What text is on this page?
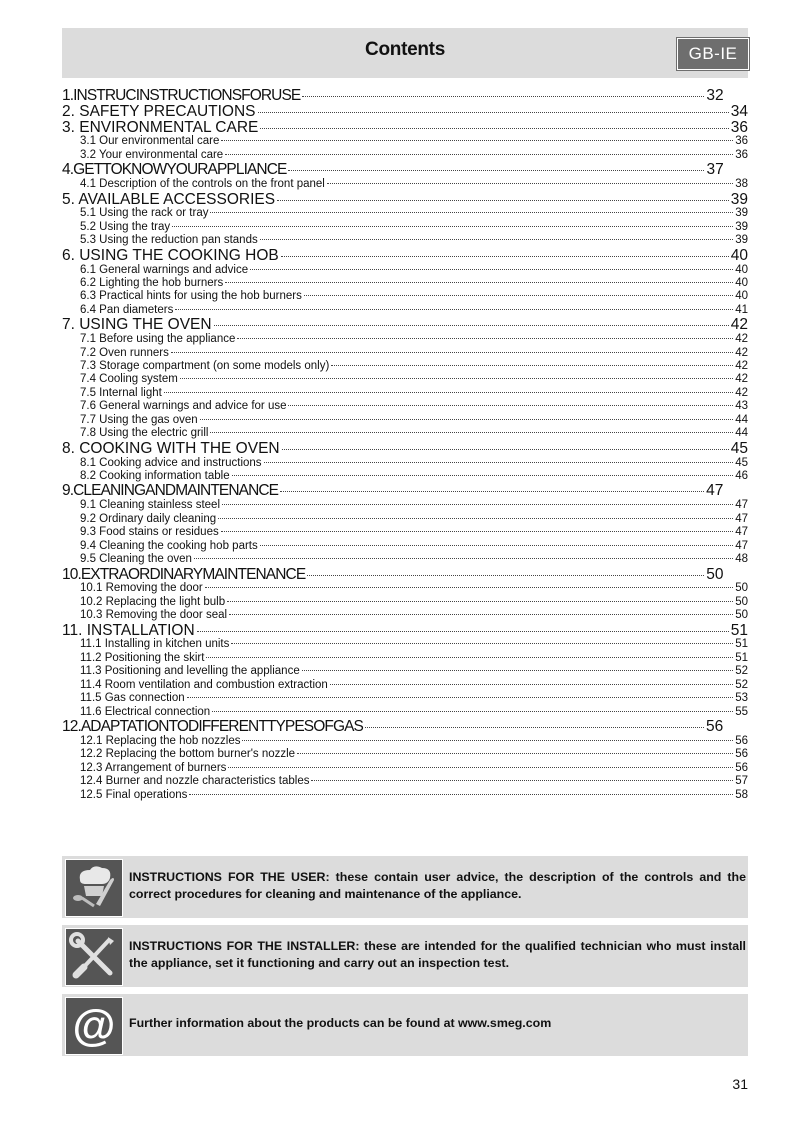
Contents	GB-IE
1.INSTRUCINSTRUCTIONSFORUSE	32
2. SAFETY PRECAUTIONS	34
3. ENVIRONMENTAL CARE	36
3.1 Our environmental care	36
3.2 Your environmental care	36
4.GETTOKNOWYOURAPPLIANCE	37
4.1 Description of the controls on the front panel	38
5. AVAILABLE ACCESSORIES	39
5.1 Using the rack or tray	39
5.2 Using the tray	39
5.3 Using the reduction pan stands	39
6. USING THE COOKING HOB	40
6.1 General warnings and advice	40
6.2 Lighting the hob burners	40
6.3 Practical hints for using the hob burners	40
6.4 Pan diameters	41
7. USING THE OVEN	42
7.1 Before using the appliance	42
7.2 Oven runners	42
7.3 Storage compartment (on some models only)	42
7.4 Cooling system	42
7.5 Internal light	42
7.6 General warnings and advice for use	43
7.7 Using the gas oven	44
7.8 Using the electric grill	44
8. COOKING WITH THE OVEN	45
8.1 Cooking advice and instructions	45
8.2 Cooking information table	46
9.CLEANINGANDMAINTENANCE	47
9.1 Cleaning stainless steel	47
9.2 Ordinary daily cleaning	47
9.3 Food stains or residues	47
9.4 Cleaning the cooking hob parts	47
9.5 Cleaning the oven	48
10.EXTRAORDINARYMAINTENANCE	50
10.1 Removing the door	50
10.2 Replacing the light bulb	50
10.3 Removing the door seal	50
11. INSTALLATION	51
11.1 Installing in kitchen units	51
11.2 Positioning the skirt	51
11.3 Positioning and levelling the appliance	52
11.4 Room ventilation and combustion extraction	52
11.5 Gas connection	53
11.6 Electrical connection	55
12.ADAPTATIONTODIFFERENTTYPESOFGAS	56
12.1 Replacing the hob nozzles	56
12.2 Replacing the bottom burner's nozzle	56
12.3 Arrangement of burners	56
12.4 Burner and nozzle characteristics tables	57
12.5 Final operations	58
INSTRUCTIONS FOR THE USER: these contain user advice, the description of the controls and the correct procedures for cleaning and maintenance of the appliance.
INSTRUCTIONS FOR THE INSTALLER: these are intended for the qualified technician who must install the appliance, set it functioning and carry out an inspection test.
@ Further information about the products can be found at www.smeg.com
31
